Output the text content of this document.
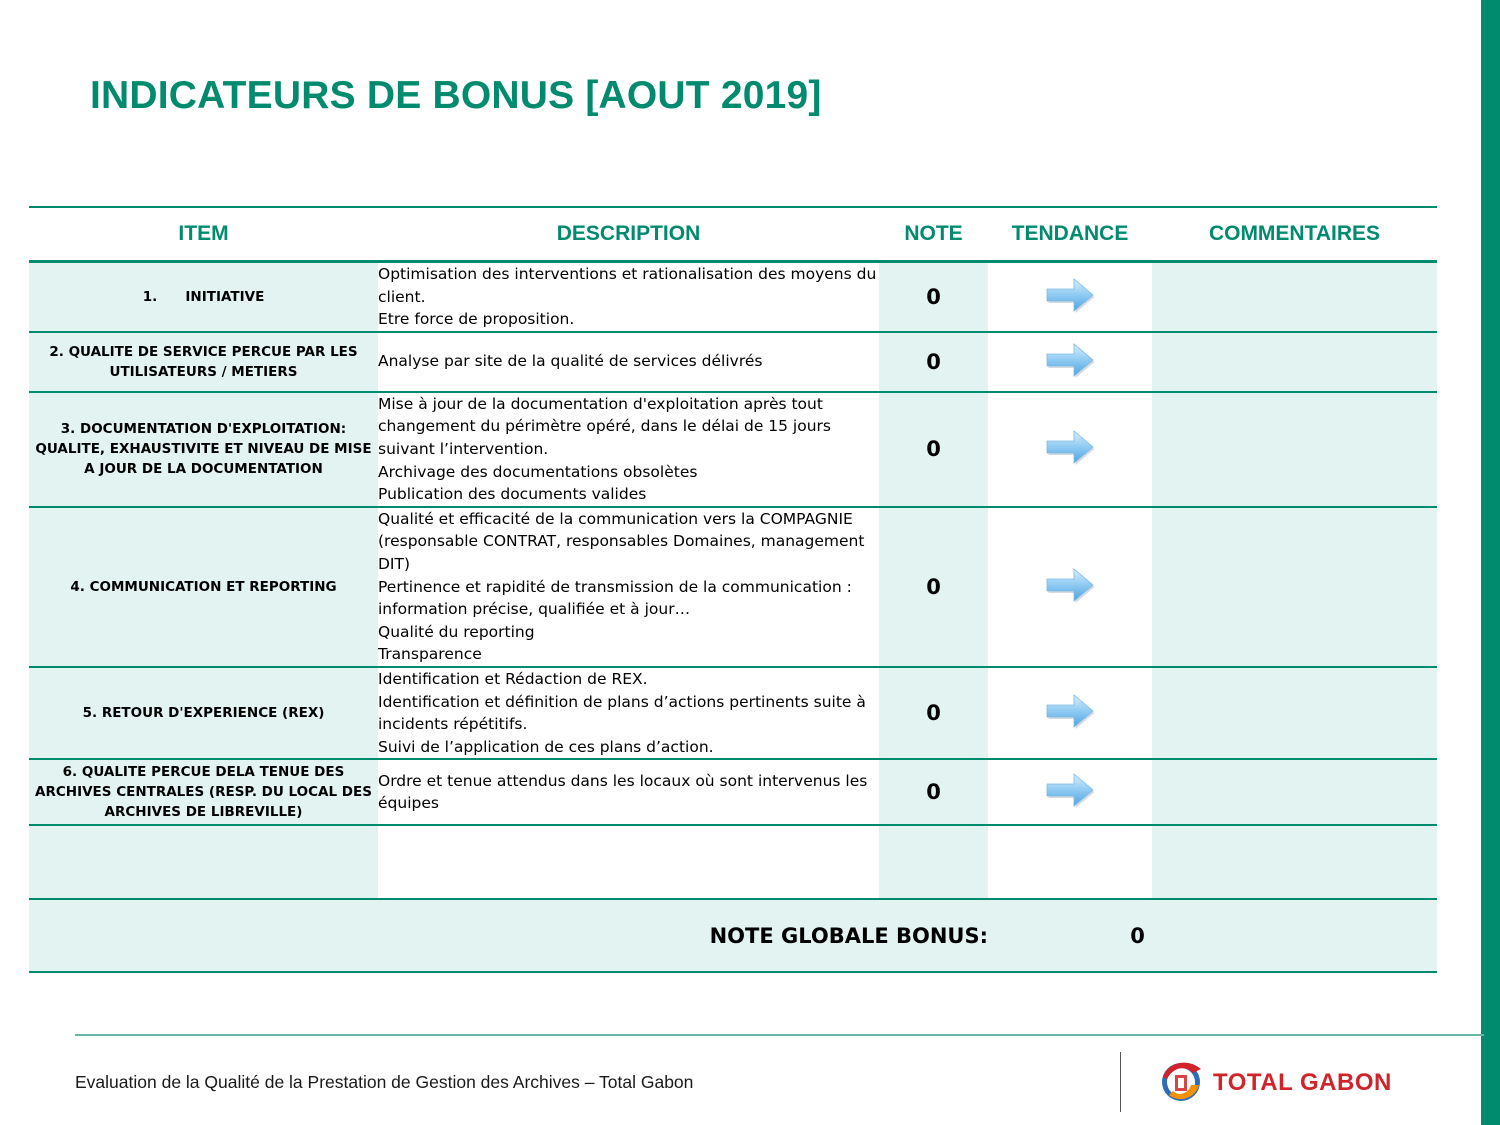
INDICATEURS DE BONUS [AOUT 2019]
ITEM	DESCRIPTION	NOTE	TENDANCE	COMMENTAIRES
1.      INITIATIVE	Optimisation des interventions et rationalisation des moyens du client.
Etre force de proposition.	0		
2. QUALITE DE SERVICE PERCUE PAR LES UTILISATEURS / METIERS	Analyse par site de la qualité de services délivrés	0		
3. DOCUMENTATION D'EXPLOITATION: QUALITE, EXHAUSTIVITE ET NIVEAU DE MISE A JOUR DE LA DOCUMENTATION	Mise à jour de la documentation d'exploitation après tout changement du périmètre opéré, dans le délai de 15 jours suivant l’intervention.
Archivage des documentations obsolètes
Publication des documents valides	0		
4. COMMUNICATION ET REPORTING	Qualité et efficacité de la communication vers la COMPAGNIE (responsable CONTRAT, responsables Domaines, management DIT)
Pertinence et rapidité de transmission de la communication : information précise, qualifiée et à jour…
Qualité du reporting
Transparence	0		
5. RETOUR D'EXPERIENCE (REX)	Identification et Rédaction de REX.
Identification et définition de plans d’actions pertinents suite à incidents répétitifs.
Suivi de l’application de ces plans d’action.	0		
6. QUALITE PERCUE DELA TENUE DES ARCHIVES CENTRALES (RESP. DU LOCAL DES ARCHIVES DE LIBREVILLE)	Ordre et tenue attendus dans les locaux où sont intervenus les équipes	0		

NOTE GLOBALE BONUS:			0	
Evaluation de la Qualité de la Prestation de Gestion des Archives – Total Gabon	TOTAL GABON
